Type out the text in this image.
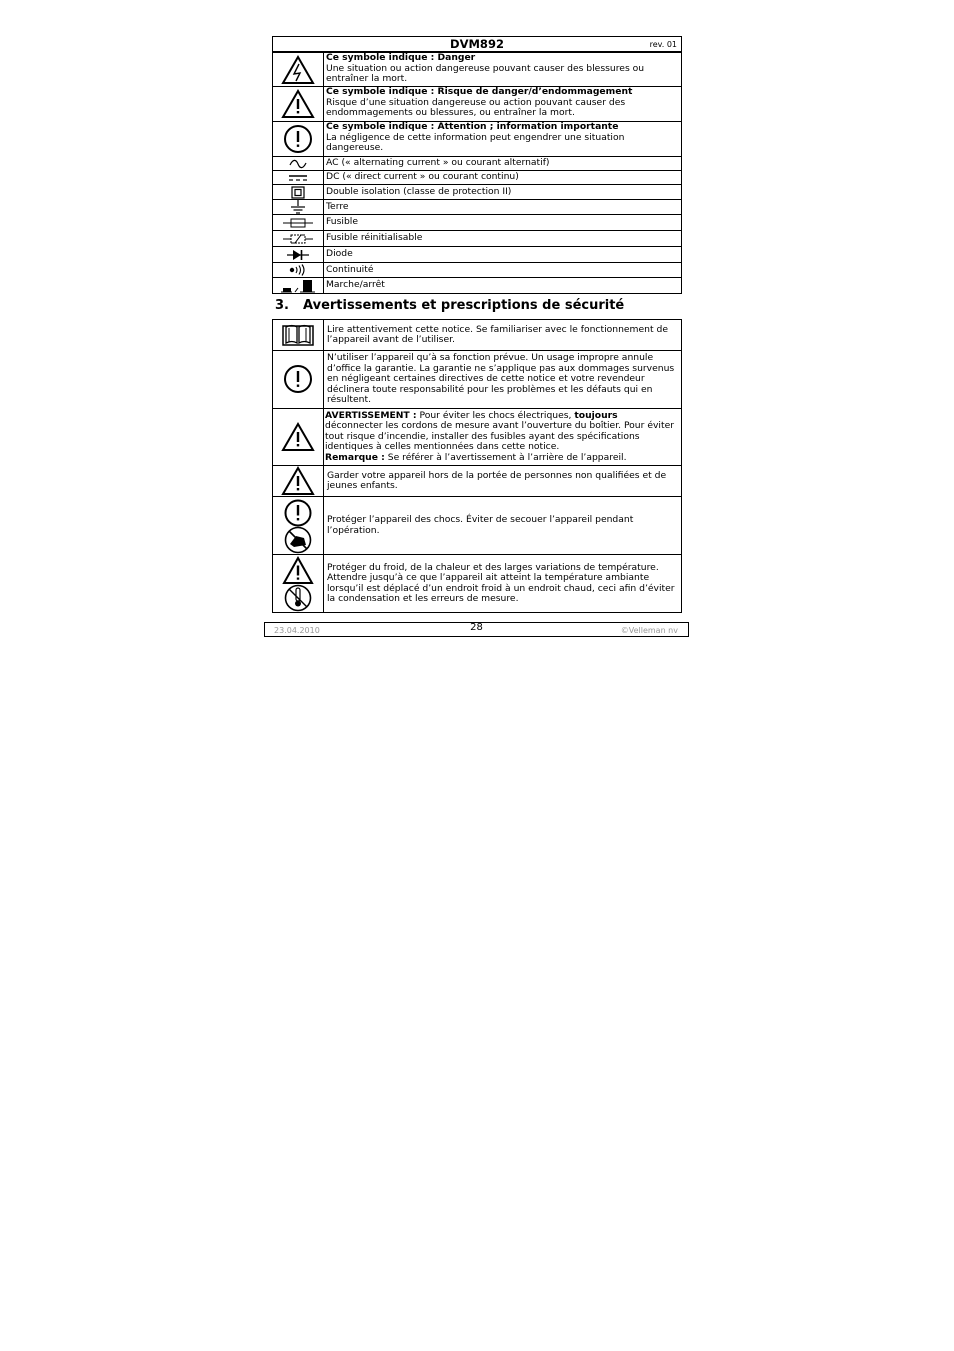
DVM892	rev. 01

Ce symbole indique : Danger
Une situation ou action dangereuse pouvant causer des blessures ou entraîner la mort.

Ce symbole indique : Risque de danger/d’endommagement
Risque d’une situation dangereuse ou action pouvant causer des endommagements ou blessures, ou entraîner la mort.

Ce symbole indique : Attention ; information importante
La négligence de cette information peut engendrer une situation dangereuse.

	AC (« alternating current » ou courant alternatif)

	DC (« direct current » ou courant continu)

	Double isolation (classe de protection II)

	Terre

	Fusible

	Fusible réinitialisable

	Diode

	Continuité

	Marche/arrêt
3. Avertissements et prescriptions de sécurité
	Lire attentivement cette notice. Se familiariser avec le fonctionnement de l’appareil avant de l’utiliser.

	N’utiliser l’appareil qu’à sa fonction prévue. Un usage impropre annule d’office la garantie. La garantie ne s’applique pas aux dommages survenus en négligeant certaines directives de cette notice et votre revendeur déclinera toute responsabilité pour les problèmes et les défauts qui en résultent.

	AVERTISSEMENT : Pour éviter les chocs électriques, toujours déconnecter les cordons de mesure avant l’ouverture du boîtier. Pour éviter tout risque d’incendie, installer des fusibles ayant des spécifications identiques à celles mentionnées dans cette notice.
Remarque : Se référer à l’avertissement à l’arrière de l’appareil.

	Garder votre appareil hors de la portée de personnes non qualifiées et de jeunes enfants.

	Protéger l’appareil des chocs. Éviter de secouer l’appareil pendant l’opération.

	Protéger du froid, de la chaleur et des larges variations de température. Attendre jusqu’à ce que l’appareil ait atteint la température ambiante lorsqu’il est déplacé d’un endroit froid à un endroit chaud, ceci afin d’éviter la condensation et les erreurs de mesure.
23.04.2010	28	©Velleman nv
